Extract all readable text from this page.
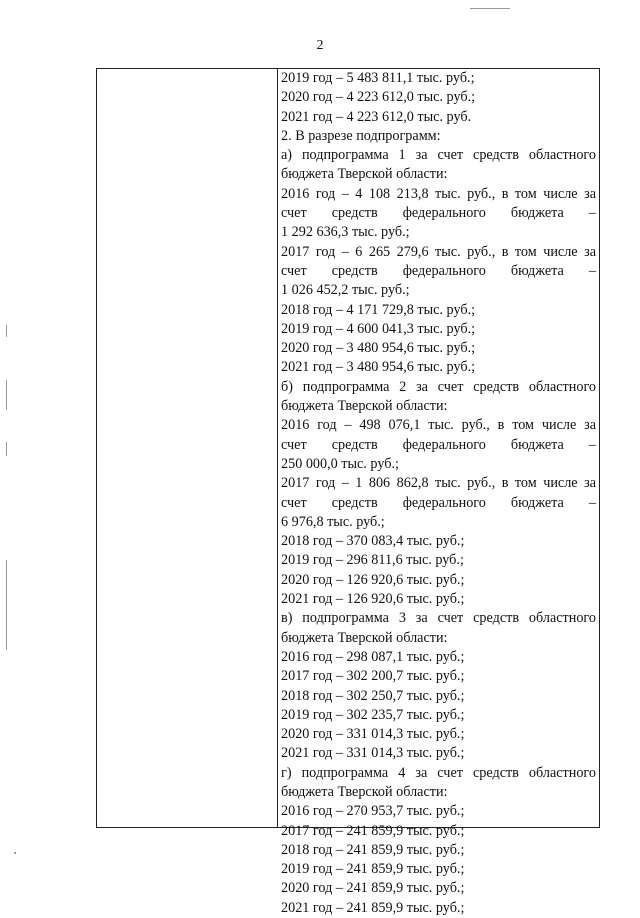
2
2019 год – 5 483 811,1 тыс. руб.;
2020 год – 4 223 612,0 тыс. руб.;
2021 год – 4 223 612,0 тыс. руб.
2. В разрезе подпрограмм:
а) подпрограмма 1 за счет средств областного
бюджета Тверской области:
2016 год – 4 108 213,8 тыс. руб., в том числе за
счет средств федерального бюджета –
1 292 636,3 тыс. руб.;
2017 год – 6 265 279,6 тыс. руб., в том числе за
счет средств федерального бюджета –
1 026 452,2 тыс. руб.;
2018 год – 4 171 729,8 тыс. руб.;
2019 год – 4 600 041,3 тыс. руб.;
2020 год – 3 480 954,6 тыс. руб.;
2021 год – 3 480 954,6 тыс. руб.;
б) подпрограмма 2 за счет средств областного
бюджета Тверской области:
2016 год – 498 076,1 тыс. руб., в том числе за
счет средств федерального бюджета –
250 000,0 тыс. руб.;
2017 год – 1 806 862,8 тыс. руб., в том числе за
счет средств федерального бюджета –
6 976,8 тыс. руб.;
2018 год – 370 083,4 тыс. руб.;
2019 год – 296 811,6 тыс. руб.;
2020 год – 126 920,6 тыс. руб.;
2021 год – 126 920,6 тыс. руб.;
в) подпрограмма 3 за счет средств областного
бюджета Тверской области:
2016 год – 298 087,1 тыс. руб.;
2017 год – 302 200,7 тыс. руб.;
2018 год – 302 250,7 тыс. руб.;
2019 год – 302 235,7 тыс. руб.;
2020 год – 331 014,3 тыс. руб.;
2021 год – 331 014,3 тыс. руб.;
г) подпрограмма 4 за счет средств областного
бюджета Тверской области:
2016 год – 270 953,7 тыс. руб.;
2017 год – 241 859,9 тыс. руб.;
2018 год – 241 859,9 тыс. руб.;
2019 год – 241 859,9 тыс. руб.;
2020 год – 241 859,9 тыс. руб.;
2021 год – 241 859,9 тыс. руб.;
